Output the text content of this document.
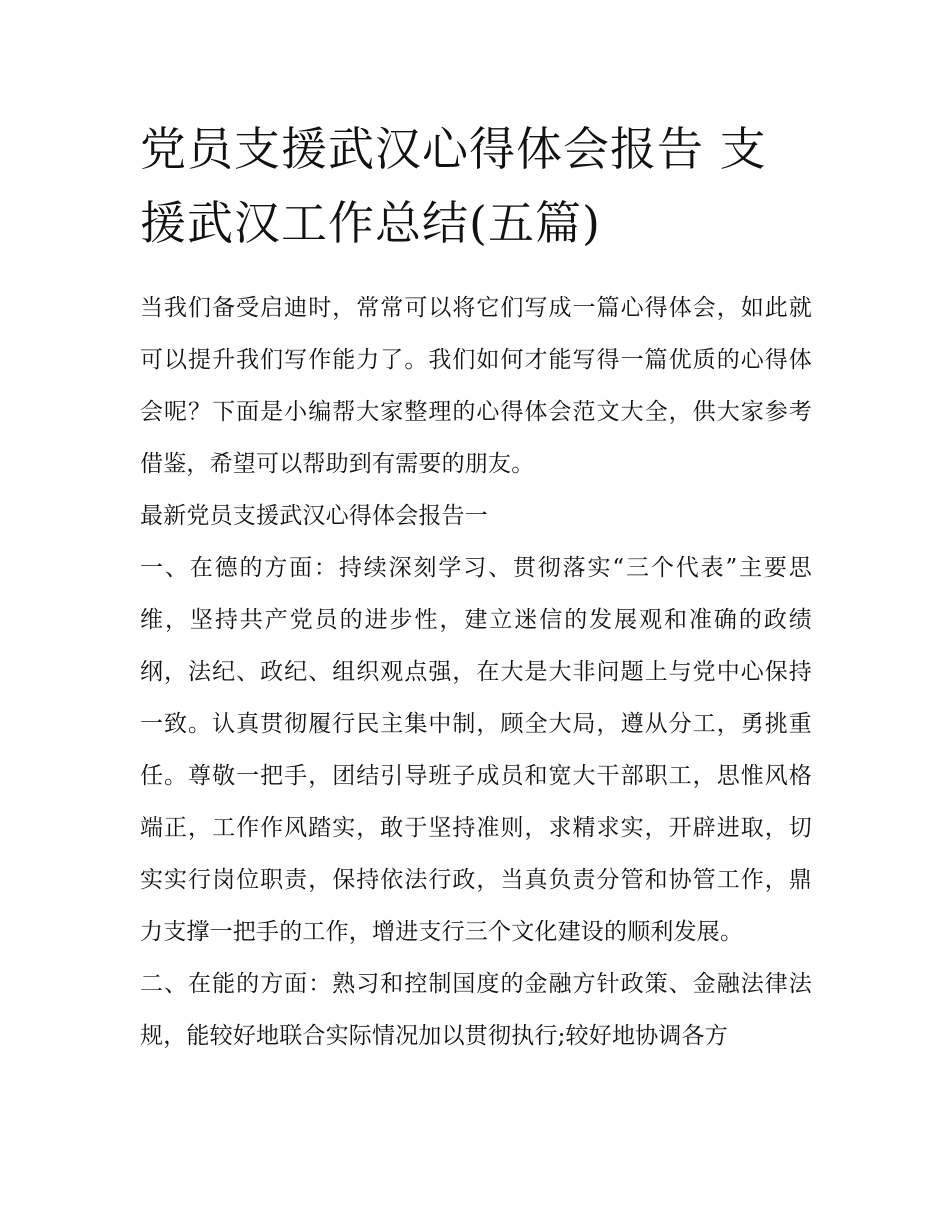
党员支援武汉心得体会报告 支援武汉工作总结(五篇)

当我们备受启迪时，常常可以将它们写成一篇心得体会，如此就可以提升我们写作能力了。我们如何才能写得一篇优质的心得体会呢？下面是小编帮大家整理的心得体会范文大全，供大家参考借鉴，希望可以帮助到有需要的朋友。

最新党员支援武汉心得体会报告一

一、在德的方面：持续深刻学习、贯彻落实“三个代表”主要思维，坚持共产党员的进步性，建立迷信的发展观和准确的政绩纲，法纪、政纪、组织观点强，在大是大非问题上与党中心保持一致。认真贯彻履行民主集中制，顾全大局，遵从分工，勇挑重任。尊敬一把手，团结引导班子成员和宽大干部职工，思惟风格端正，工作作风踏实，敢于坚持准则，求精求实，开辟进取，切实实行岗位职责，保持依法行政，当真负责分管和协管工作，鼎力支撑一把手的工作，增进支行三个文化建设的顺利发展。

二、在能的方面：熟习和控制国度的金融方针政策、金融法律法规，能较好地联合实际情况加以贯彻执行;较好地协调各方
